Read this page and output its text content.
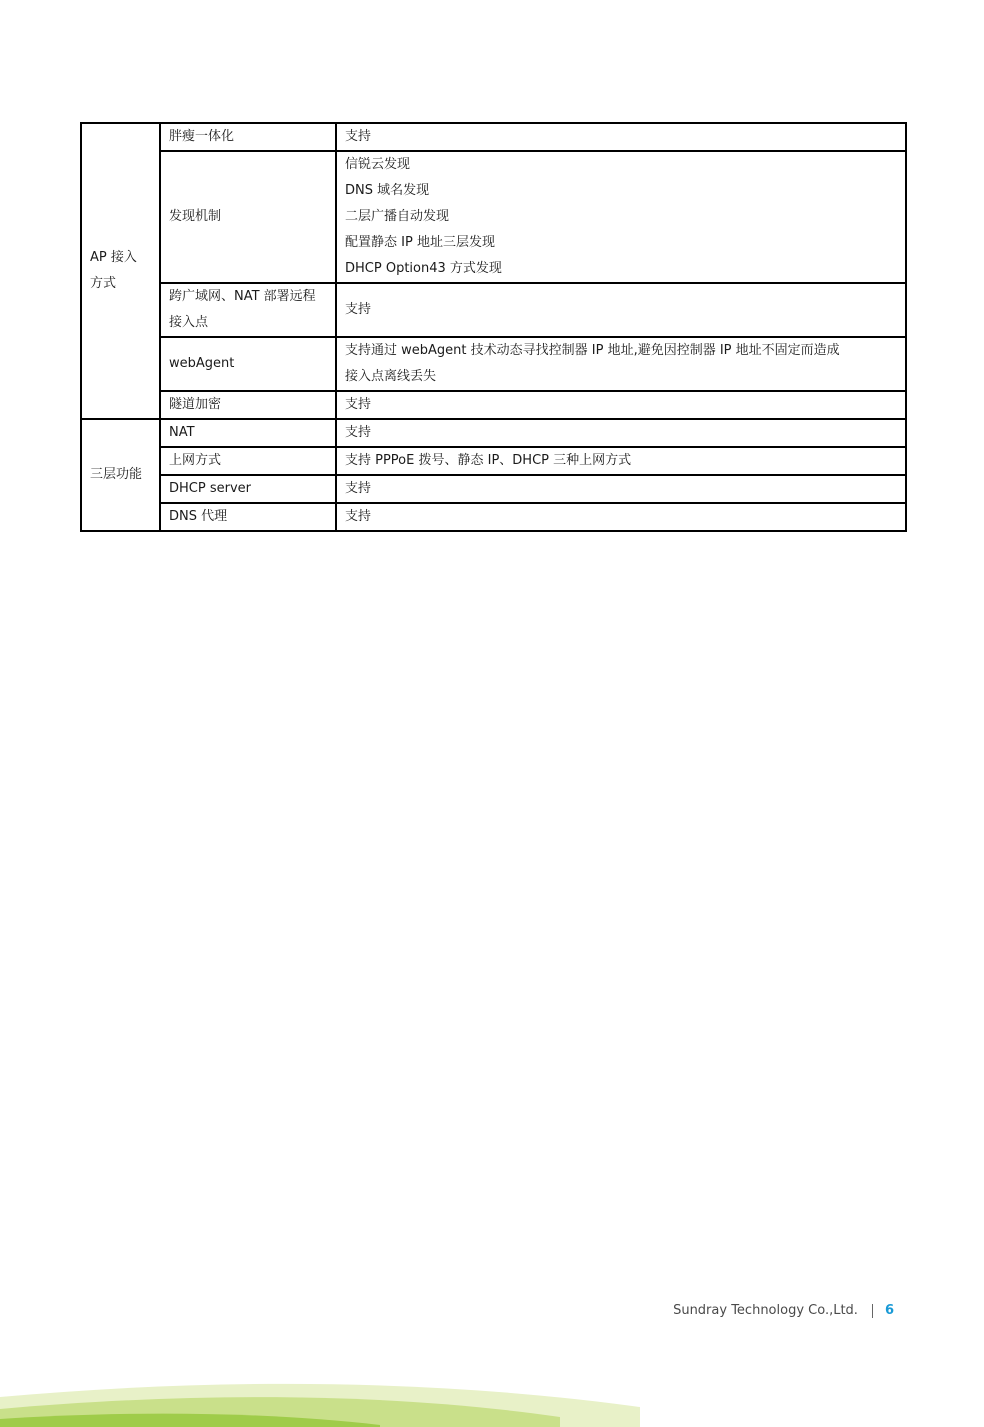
AP 接入
方式	胖瘦一体化	支持
	发现机制	信锐云发现
DNS 域名发现
二层广播自动发现
配置静态 IP 地址三层发现
DHCP Option43 方式发现

	跨广域网、NAT 部署远程
接入点	支持
	webAgent	支持通过 webAgent 技术动态寻找控制器 IP 地址,避免因控制器 IP 地址不固定而造成
接入点离线丢失

	隧道加密	支持
三层功能	NAT	支持
	上网方式	支持 PPPoE 拨号、静态 IP、DHCP 三种上网方式
	DHCP server	支持
	DNS 代理	支持
Sundray Technology Co.,Ltd. 6
